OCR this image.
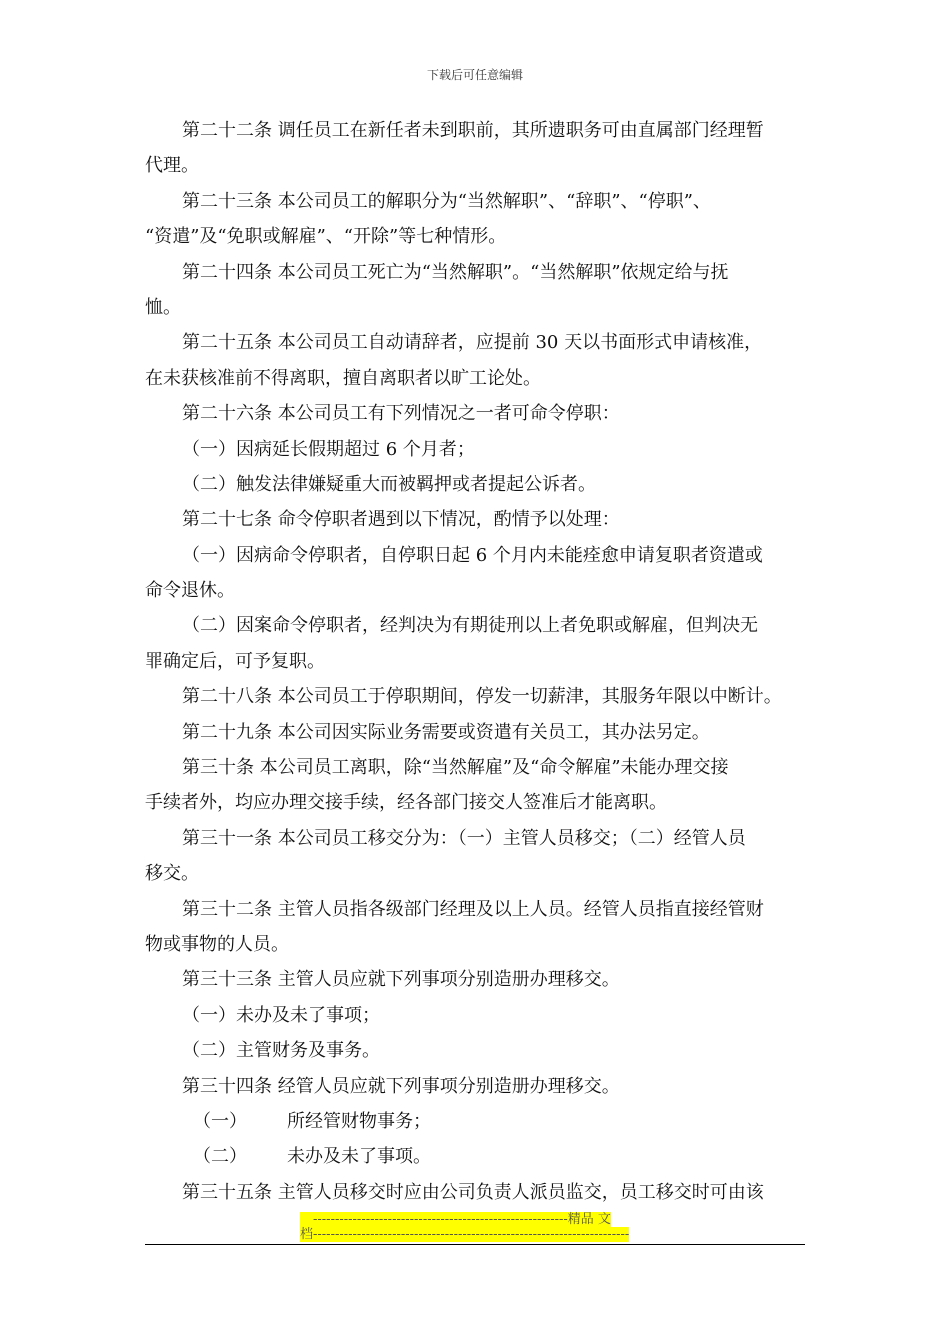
下载后可任意编辑
第二十二条 调任员工在新任者未到职前，其所遗职务可由直属部门经理暂
代理。
第二十三条 本公司员工的解职分为“当然解职”、“辞职”、“停职”、
“资遣”及“免职或解雇”、“开除”等七种情形。
第二十四条 本公司员工死亡为“当然解职”。“当然解职”依规定给与抚
恤。
第二十五条 本公司员工自动请辞者，应提前 30 天以书面形式申请核准，
在未获核准前不得离职，擅自离职者以旷工论处。
第二十六条 本公司员工有下列情况之一者可命令停职：
（一）因病延长假期超过 6 个月者；
（二）触发法律嫌疑重大而被羁押或者提起公诉者。
第二十七条 命令停职者遇到以下情况，酌情予以处理：
（一）因病命令停职者，自停职日起 6 个月内未能痊愈申请复职者资遣或
命令退休。
（二）因案命令停职者，经判决为有期徒刑以上者免职或解雇，但判决无
罪确定后，可予复职。
第二十八条 本公司员工于停职期间，停发一切薪津，其服务年限以中断计。
第二十九条 本公司因实际业务需要或资遣有关员工，其办法另定。
第三十条 本公司员工离职，除“当然解雇”及“命令解雇”未能办理交接
手续者外，均应办理交接手续，经各部门接交人签准后才能离职。
第三十一条 本公司员工移交分为：（一）主管人员移交；（二）经管人员
移交。
第三十二条 主管人员指各级部门经理及以上人员。经管人员指直接经管财
物或事物的人员。
第三十三条 主管人员应就下列事项分别造册办理移交。
（一）未办及未了事项；
（二）主管财务及事务。
第三十四条 经管人员应就下列事项分别造册办理移交。
（一） 所经管财物事务；
（二） 未办及未了事项。
第三十五条 主管人员移交时应由公司负责人派员监交，员工移交时可由该
----------------------------------------------------------精品 文
档------------------------------------------------------------------------
